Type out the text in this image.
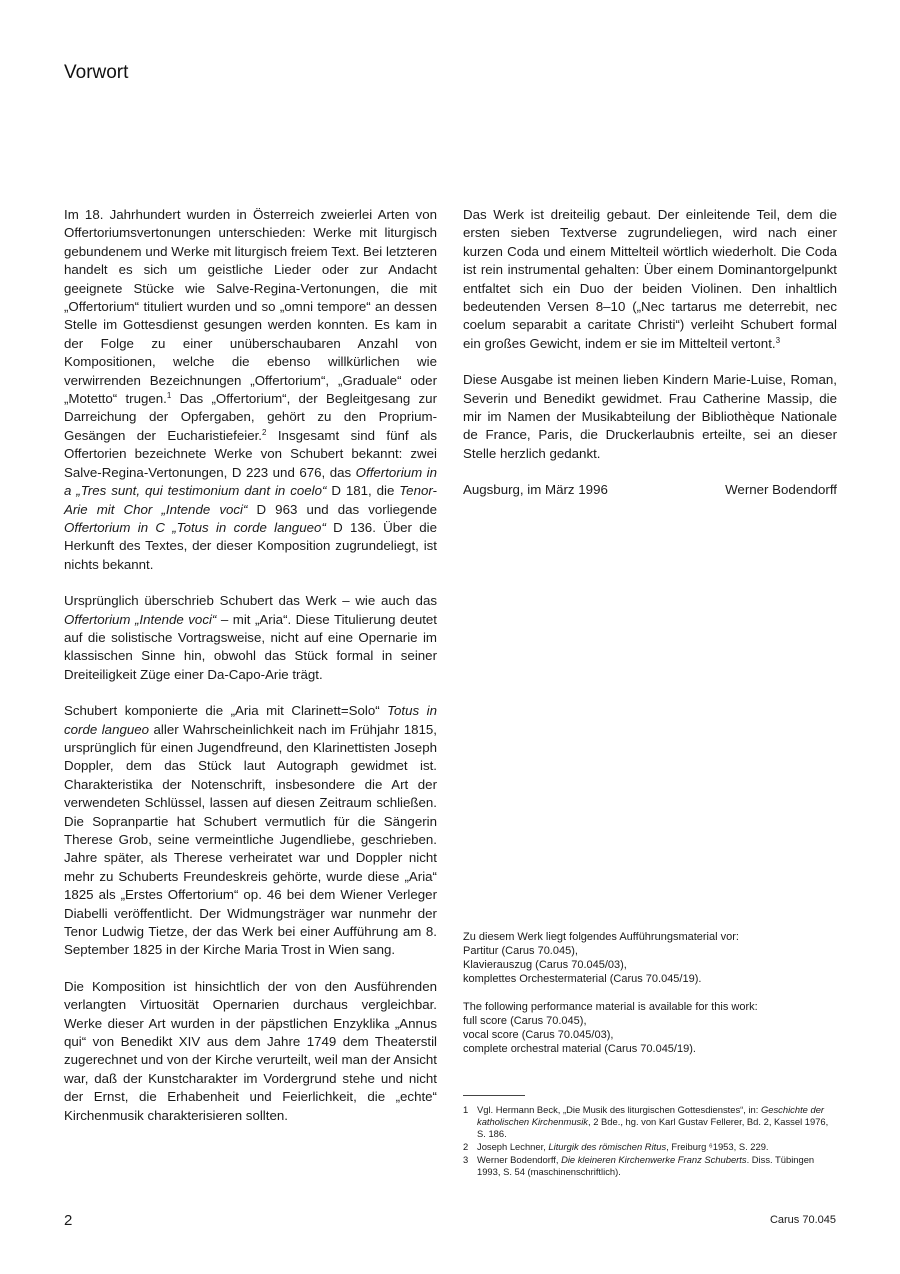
Vorwort

Im 18. Jahrhundert wurden in Österreich zweierlei Arten von Offertoriumsvertonungen unterschieden: Werke mit liturgisch gebundenem und Werke mit liturgisch freiem Text. Bei letzteren handelt es sich um geistliche Lieder oder zur Andacht geeignete Stücke wie Salve-Regina-Vertonungen, die mit „Offertorium“ tituliert wurden und so „omni tempore“ an dessen Stelle im Gottesdienst gesungen werden konnten. Es kam in der Folge zu einer unüberschaubaren Anzahl von Kompositionen, welche die ebenso willkürlichen wie verwirrenden Bezeichnungen „Offertorium“, „Graduale“ oder „Motetto“ trugen.$^1$ Das „Offertorium“, der Begleitgesang zur Darreichung der Opfergaben, gehört zu den Proprium-Gesängen der Eucharistiefeier.$^2$ Insgesamt sind fünf als Offertorien bezeichnete Werke von Schubert bekannt: zwei Salve-Regina-Vertonungen, D 223 und 676, das Offertorium in a „Tres sunt, qui testimonium dant in coelo“ D 181, die Tenor-Arie mit Chor „Intende voci“ D 963 und das vorliegende Offertorium in C „Totus in corde langueo“ D 136. Über die Herkunft des Textes, der dieser Komposition zugrundeliegt, ist nichts bekannt.

Ursprünglich überschrieb Schubert das Werk – wie auch das Offertorium „Intende voci“ – mit „Aria“. Diese Titulierung deutet auf die solistische Vortragsweise, nicht auf eine Opernarie im klassischen Sinne hin, obwohl das Stück formal in seiner Dreiteiligkeit Züge einer Da-Capo-Arie trägt.

Schubert komponierte die „Aria mit Clarinett=Solo“ Totus in corde langueo aller Wahrscheinlichkeit nach im Frühjahr 1815, ursprünglich für einen Jugendfreund, den Klarinettisten Joseph Doppler, dem das Stück laut Autograph gewidmet ist. Charakteristika der Notenschrift, insbesondere die Art der verwendeten Schlüssel, lassen auf diesen Zeitraum schließen. Die Sopranpartie hat Schubert vermutlich für die Sängerin Therese Grob, seine vermeintliche Jugendliebe, geschrieben. Jahre später, als Therese verheiratet war und Doppler nicht mehr zu Schuberts Freundeskreis gehörte, wurde diese „Aria“ 1825 als „Erstes Offertorium“ op. 46 bei dem Wiener Verleger Diabelli veröffentlicht. Der Widmungsträger war nunmehr der Tenor Ludwig Tietze, der das Werk bei einer Aufführung am 8. September 1825 in der Kirche Maria Trost in Wien sang.

Die Komposition ist hinsichtlich der von den Ausführenden verlangten Virtuosität Opernarien durchaus vergleichbar. Werke dieser Art wurden in der päpstlichen Enzyklika „Annus qui“ von Benedikt XIV aus dem Jahre 1749 dem Theaterstil zugerechnet und von der Kirche verurteilt, weil man der Ansicht war, daß der Kunstcharakter im Vordergrund stehe und nicht der Ernst, die Erhabenheit und Feierlichkeit, die „echte“ Kirchenmusik charakterisieren sollten.

Das Werk ist dreiteilig gebaut. Der einleitende Teil, dem die ersten sieben Textverse zugrundeliegen, wird nach einer kurzen Coda und einem Mittelteil wörtlich wiederholt. Die Coda ist rein instrumental gehalten: Über einem Dominantorgelpunkt entfaltet sich ein Duo der beiden Violinen. Den inhaltlich bedeutenden Versen 8–10 („Nec tartarus me deterrebit, nec coelum separabit a caritate Christi“) verleiht Schubert formal ein großes Gewicht, indem er sie im Mittelteil vertont.$^3$

Diese Ausgabe ist meinen lieben Kindern Marie-Luise, Roman, Severin und Benedikt gewidmet. Frau Catherine Massip, die mir im Namen der Musikabteilung der Bibliothèque Nationale de France, Paris, die Druckerlaubnis erteilte, sei an dieser Stelle herzlich gedankt.

Augsburg, im März 1996	Werner Bodendorff

Zu diesem Werk liegt folgendes Aufführungsmaterial vor:
Partitur (Carus 70.045),
Klavierauszug (Carus 70.045/03),
komplettes Orchestermaterial (Carus 70.045/19).

The following performance material is available for this work:
full score (Carus 70.045),
vocal score (Carus 70.045/03),
complete orchestral material (Carus 70.045/19).

1 Vgl. Hermann Beck, „Die Musik des liturgischen Gottesdienstes“, in: Geschichte der katholischen Kirchenmusik, 2 Bde., hg. von Karl Gustav Fellerer, Bd. 2, Kassel 1976, S. 186.
2 Joseph Lechner, Liturgik des römischen Ritus, Freiburg ⁶1953, S. 229.
3 Werner Bodendorff, Die kleineren Kirchenwerke Franz Schuberts. Diss. Tübingen 1993, S. 54 (maschinenschriftlich).
2	Carus 70.045
